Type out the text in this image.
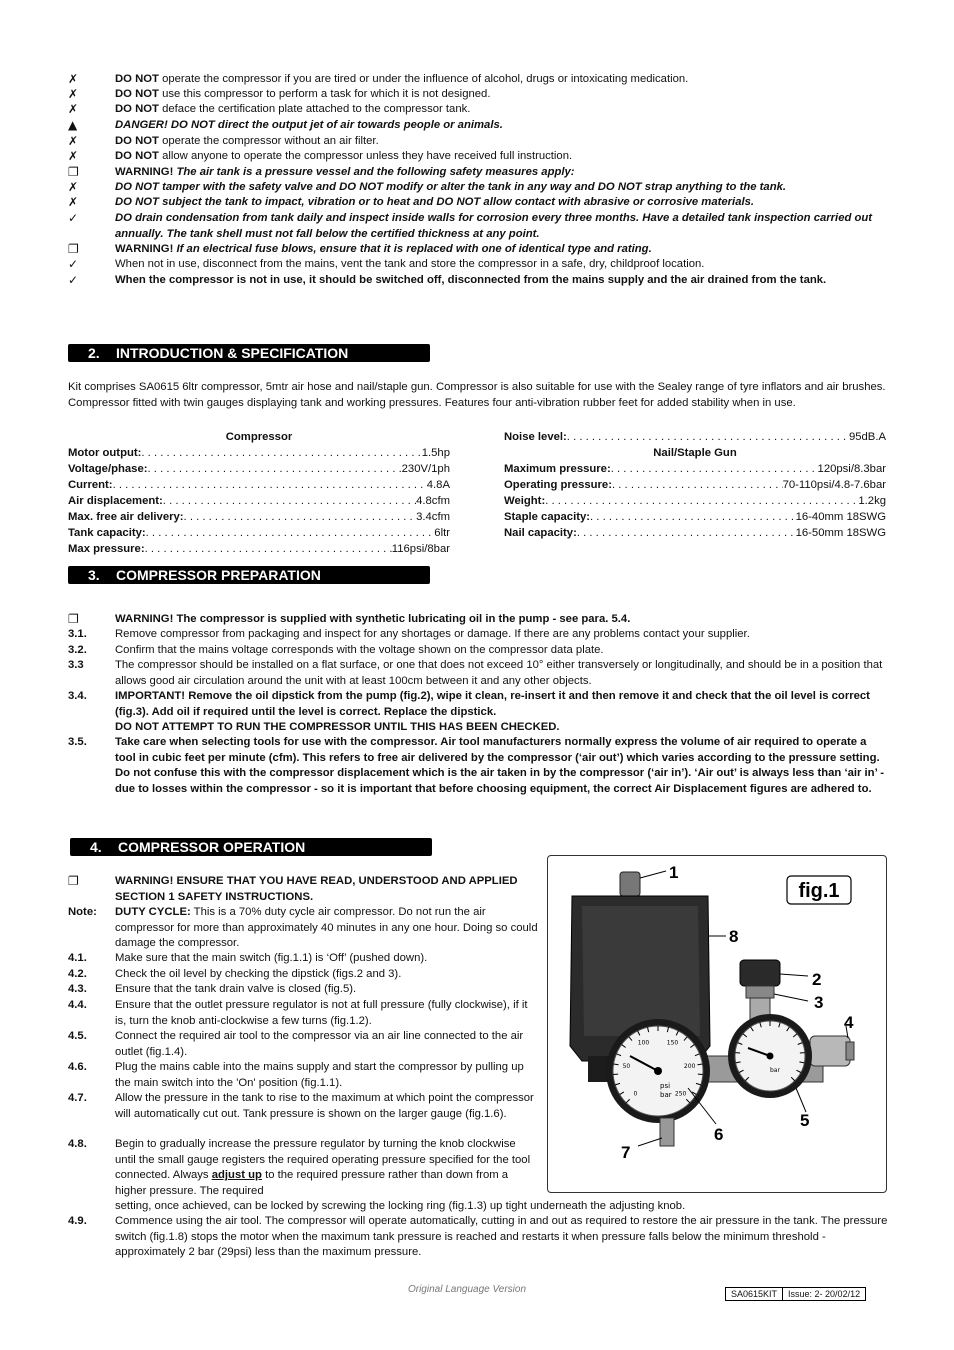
✗	DO NOT operate the compressor if you are tired or under the influence of alcohol, drugs or intoxicating medication.
✗	DO NOT use this compressor to perform a task for which it is not designed.
✗	DO NOT deface the certification plate attached to the compressor tank.
▲	DANGER! DO NOT direct the output jet of air towards people or animals.
✗	DO NOT operate the compressor without an air filter.
✗	DO NOT allow anyone to operate the compressor unless they have received full instruction.
❐	WARNING! The air tank is a pressure vessel and the following safety measures apply:
✗	DO NOT tamper with the safety valve and DO NOT modify or alter the tank in any way and DO NOT strap anything to the tank.
✗	DO NOT subject the tank to impact, vibration or to heat and DO NOT allow contact with abrasive or corrosive materials.
✓	DO drain condensation from tank daily and inspect inside walls for corrosion every three months. Have a detailed tank inspection carried out annually. The tank shell must not fall below the certified thickness at any point.
❐	WARNING! If an electrical fuse blows, ensure that it is replaced with one of identical type and rating.
✓	When not in use, disconnect from the mains, vent the tank and store the compressor in a safe, dry, childproof location.
✓	When the compressor is not in use, it should be switched off, disconnected from the mains supply and the air drained from the tank.
2. INTRODUCTION & SPECIFICATION
Kit comprises SA0615 6ltr compressor, 5mtr air hose and nail/staple gun. Compressor is also suitable for use with the Sealey range of tyre inflators and air brushes. Compressor fitted with twin gauges displaying tank and working pressures. Features four anti-vibration rubber feet for added stability when in use.
Compressor
Motor output: . . .	1.5hp
Voltage/phase: . . .	230V/1ph
Current: . . .	4.8A
Air displacement: . . .	4.8cfm
Max. free air delivery: . . .	3.4cfm
Tank capacity: . . .	6ltr
Max pressure: . . .	116psi/8bar
Noise level: . . .	95dB.A
Nail/Staple Gun
Maximum pressure: . . .	120psi/8.3bar
Operating pressure: . . .	70-110psi/4.8-7.6bar
Weight: . . .	1.2kg
Staple capacity: . . .	16-40mm 18SWG
Nail capacity: . . .	16-50mm 18SWG
3. COMPRESSOR PREPARATION
❐	WARNING! The compressor is supplied with synthetic lubricating oil in the pump - see para. 5.4.
3.1.	Remove compressor from packaging and inspect for any shortages or damage. If there are any problems contact your supplier.
3.2.	Confirm that the mains voltage corresponds with the voltage shown on the compressor data plate.
3.3	The compressor should be installed on a flat surface, or one that does not exceed 10° either transversely or longitudinally, and should be in a position that allows good air circulation around the unit with at least 100cm between it and any other objects.
3.4.	IMPORTANT! Remove the oil dipstick from the pump (fig.2), wipe it clean, re-insert it and then remove it and check that the oil level is correct (fig.3). Add oil if required until the level is correct. Replace the dipstick.
DO NOT ATTEMPT TO RUN THE COMPRESSOR UNTIL THIS HAS BEEN CHECKED.
3.5.	Take care when selecting tools for use with the compressor. Air tool manufacturers normally express the volume of air required to operate a tool in cubic feet per minute (cfm). This refers to free air delivered by the compressor (‘air out’) which varies according to the pressure setting. Do not confuse this with the compressor displacement which is the air taken in by the compressor (‘air in’). ‘Air out’ is always less than ‘air in’ - due to losses within the compressor - so it is important that before choosing equipment, the correct Air Displacement figures are adhered to.
4. COMPRESSOR OPERATION
❐	WARNING! ENSURE THAT YOU HAVE READ, UNDERSTOOD AND APPLIED SECTION 1 SAFETY INSTRUCTIONS.
Note:	DUTY CYCLE: This is a 70% duty cycle air compressor. Do not run the air compressor for more than approximately 40 minutes in any one hour. Doing so could damage the compressor.
4.1.	Make sure that the main switch (fig.1.1) is ‘Off’ (pushed down).
4.2.	Check the oil level by checking the dipstick (figs.2 and 3).
4.3.	Ensure that the tank drain valve is closed (fig.5).
4.4.	Ensure that the outlet pressure regulator is not at full pressure (fully clockwise), if it is, turn the knob anti-clockwise a few turns (fig.1.2).
4.5.	Connect the required air tool to the compressor via an air line connected to the air outlet (fig.1.4).
4.6.	Plug the mains cable into the mains supply and start the compressor by pulling up the main switch into the 'On' position (fig.1.1).
4.7.	Allow the pressure in the tank to rise to the maximum at which point the compressor will automatically cut out. Tank pressure is shown on the larger gauge (fig.1.6).
4.8.	Begin to gradually increase the pressure regulator by turning the knob clockwise until the small gauge registers the required operating pressure specified for the tool connected. Always adjust up to the required pressure rather than down from a higher pressure. The required
setting, once achieved, can be locked by screwing the locking ring (fig.1.3) up tight underneath the adjusting knob.
4.9.	Commence using the air tool. The compressor will operate automatically, cutting in and out as required to restore the air pressure in the tank. The pressure switch (fig.1.8) stops the motor when the maximum tank pressure is reached and restarts it when pressure falls below the minimum threshold - approximately 2 bar (29psi) less than the maximum pressure.
fig.1
0
50
100	150
200
250
psi
bar
bar
1
8
2
3
4
5
6
7
Original Language Version	SA0615KIT	Issue: 2- 20/02/12
